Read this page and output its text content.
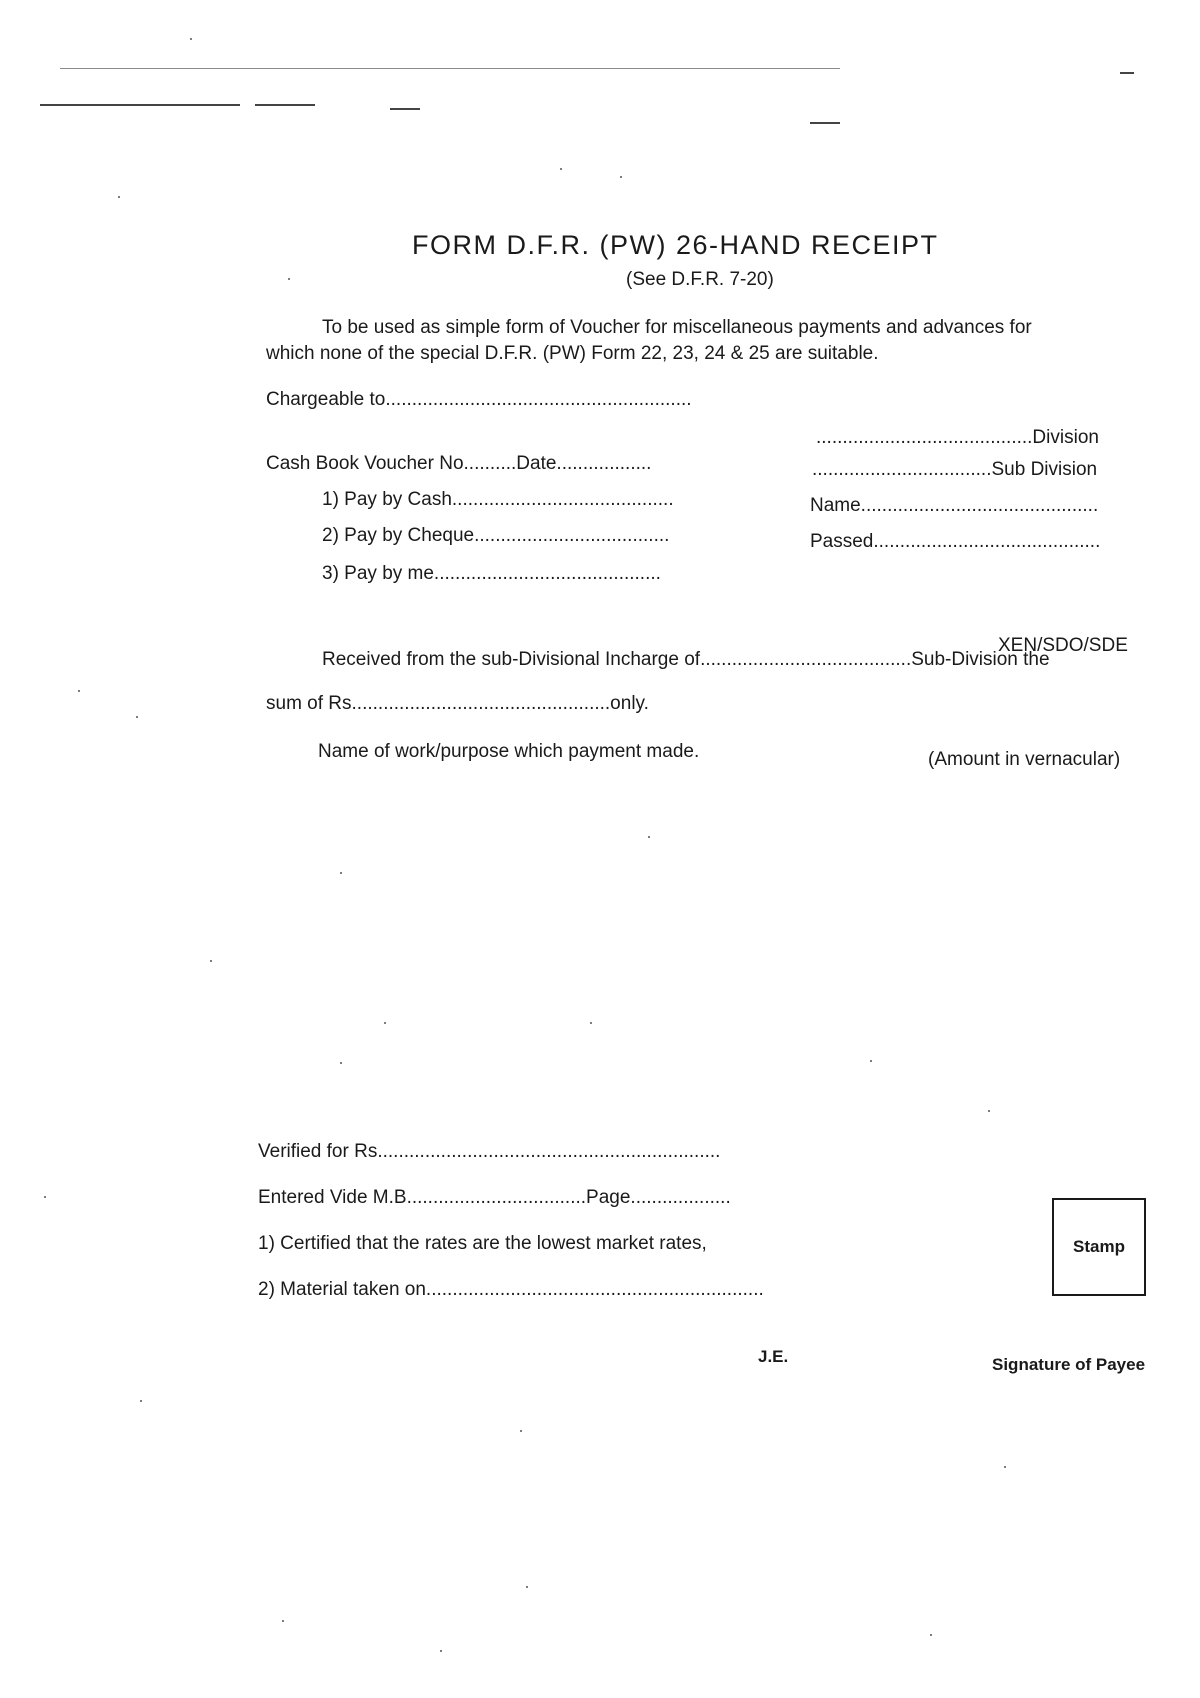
FORM D.F.R. (PW) 26-HAND RECEIPT
(See D.F.R. 7-20)
To be used as simple form of Voucher for miscellaneous payments and advances for
which none of the special D.F.R. (PW) Form 22, 23, 24 & 25 are suitable.
Chargeable to..........................................................
.........................................Division
Cash Book Voucher No..........Date..................	..................................Sub Division
1) Pay by Cash..........................................	Name.............................................
2) Pay by Cheque.....................................	Passed...........................................
3) Pay by me...........................................
XEN/SDO/SDE
Received from the sub-Divisional Incharge of........................................Sub-Division the
sum of Rs.................................................only.
Name of work/purpose which payment made.	(Amount in vernacular)
Verified for Rs.................................................................
Entered Vide M.B..................................Page...................
1) Certified that the rates are the lowest market rates,
2) Material taken on................................................................
Stamp
J.E.	Signature of Payee
